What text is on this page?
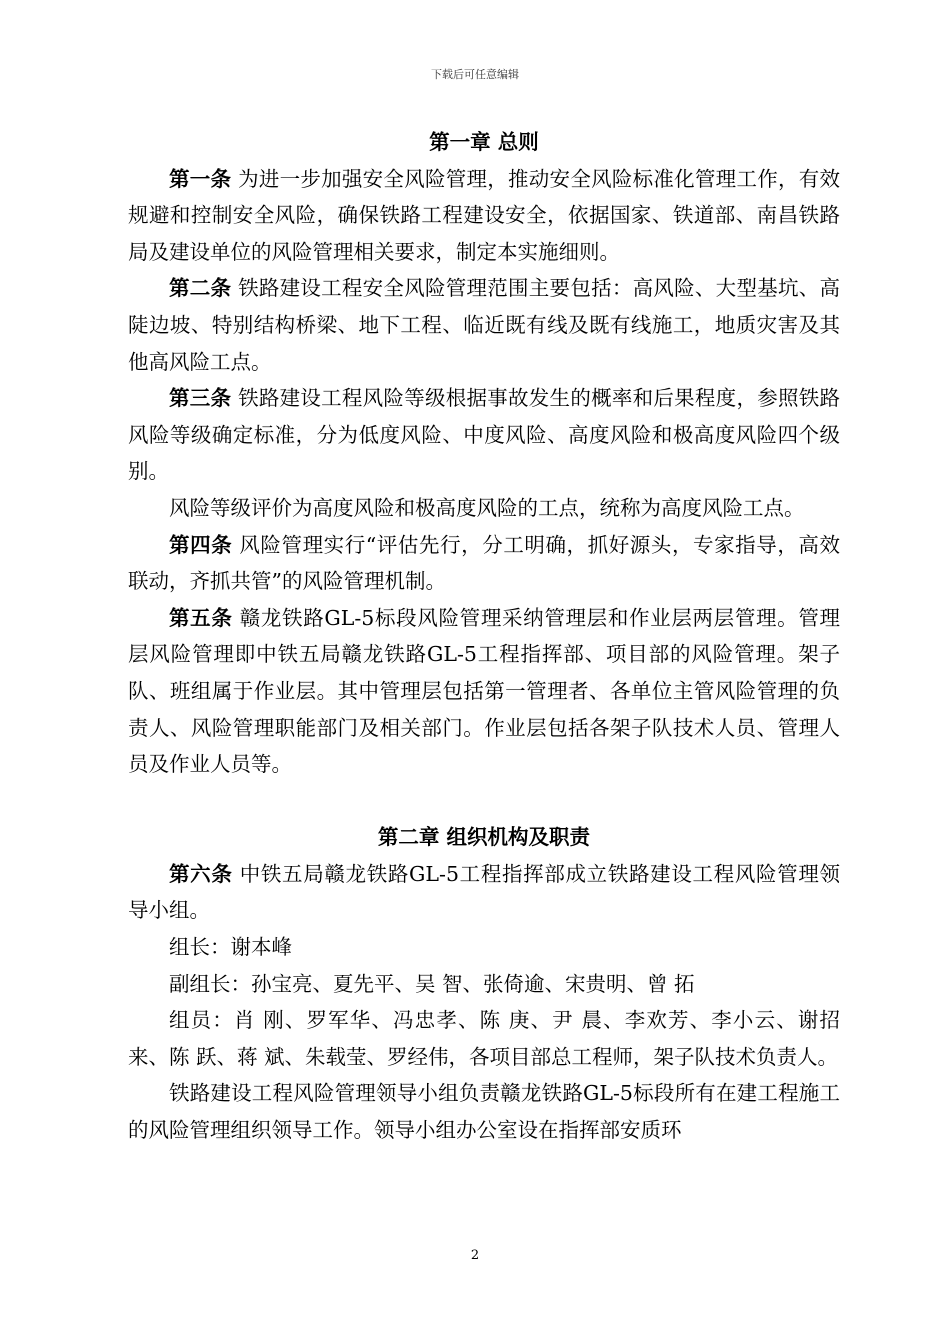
下载后可任意编辑

第一章 总则

第一条 为进一步加强安全风险管理，推动安全风险标准化管理工作，有效规避和控制安全风险，确保铁路工程建设安全，依据国家、铁道部、南昌铁路局及建设单位的风险管理相关要求，制定本实施细则。

第二条 铁路建设工程安全风险管理范围主要包括：高风险、大型基坑、高陡边坡、特别结构桥梁、地下工程、临近既有线及既有线施工，地质灾害及其他高风险工点。

第三条 铁路建设工程风险等级根据事故发生的概率和后果程度，参照铁路风险等级确定标准，分为低度风险、中度风险、高度风险和极高度风险四个级别。

风险等级评价为高度风险和极高度风险的工点，统称为高度风险工点。

第四条 风险管理实行“评估先行，分工明确，抓好源头，专家指导，高效联动，齐抓共管”的风险管理机制。

第五条 赣龙铁路GL-5标段风险管理采纳管理层和作业层两层管理。管理层风险管理即中铁五局赣龙铁路GL-5工程指挥部、项目部的风险管理。架子队、班组属于作业层。其中管理层包括第一管理者、各单位主管风险管理的负责人、风险管理职能部门及相关部门。作业层包括各架子队技术人员、管理人员及作业人员等。

第二章 组织机构及职责

第六条 中铁五局赣龙铁路GL-5工程指挥部成立铁路建设工程风险管理领导小组。

组长：谢本峰

副组长：孙宝亮、夏先平、吴 智、张倚逾、宋贵明、曾 拓

组员：肖 刚、罗军华、冯忠孝、陈 庚、尹 晨、李欢芳、李小云、谢招来、陈 跃、蒋 斌、朱载莹、罗经伟，各项目部总工程师，架子队技术负责人。

铁路建设工程风险管理领导小组负责赣龙铁路GL-5标段所有在建工程施工的风险管理组织领导工作。领导小组办公室设在指挥部安质环

2
